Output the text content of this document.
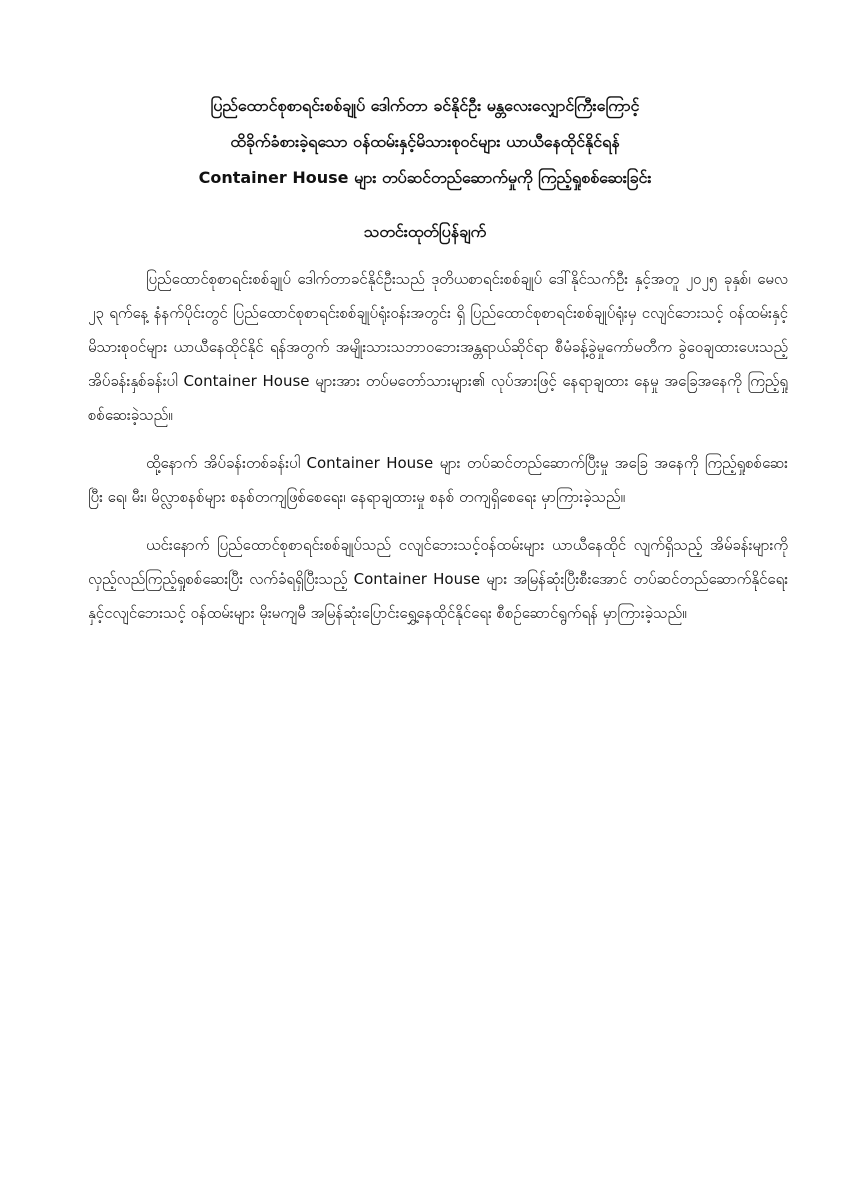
ပြည်ထောင်စုစာရင်းစစ်ချုပ် ဒေါက်တာ ခင်နိုင်ဦး မန္တလေးလျှောင်ကြီးကြောင့်

ထိခိုက်ခံစားခဲ့ရသော ဝန်ထမ်းနှင့်မိသားစုဝင်များ ယာယီနေထိုင်နိုင်ရန်

Container House များ တပ်ဆင်တည်ဆောက်မှုကို ကြည့်ရှုစစ်ဆေးခြင်း

သတင်းထုတ်ပြန်ချက်

ပြည်ထောင်စုစာရင်းစစ်ချုပ် ဒေါက်တာခင်နိုင်ဦးသည် ဒုတိယစာရင်းစစ်ချုပ် ဒေါ်နိုင်သက်ဦး နှင့်အတူ ၂၀၂၅ ခုနှစ်၊ မေလ ၂၃ ရက်နေ့ နံနက်ပိုင်းတွင် ပြည်ထောင်စုစာရင်းစစ်ချုပ်ရုံးဝန်းအတွင်း ရှိ ပြည်ထောင်စုစာရင်းစစ်ချုပ်ရုံးမှ ငလျင်ဘေးသင့် ဝန်ထမ်းနှင့်မိသားစုဝင်များ ယာယီနေထိုင်နိုင် ရန်အတွက် အမျိုးသားသဘာဝဘေးအန္တရာယ်ဆိုင်ရာ စီမံခန့်ခွဲမှုကော်မတီက ခွဲဝေချထားပေးသည့် အိပ်ခန်းနှစ်ခန်းပါ Container House များအား တပ်မတော်သားများ၏ လုပ်အားဖြင့် နေရာချထား နေမှု အခြေအနေကို ကြည့်ရှုစစ်ဆေးခဲ့သည်။

ထို့နောက် အိပ်ခန်းတစ်ခန်းပါ Container House များ တပ်ဆင်တည်ဆောက်ပြီးမှု အခြေ အနေကို ကြည့်ရှုစစ်ဆေးပြီး ရေ၊ မီး၊ မိလ္လာစနစ်များ စနစ်တကျဖြစ်စေရေး၊ နေရာချထားမှု စနစ် တကျရှိစေရေး မှာကြားခဲ့သည်။

ယင်းနောက် ပြည်ထောင်စုစာရင်းစစ်ချုပ်သည် ငလျင်ဘေးသင့်ဝန်ထမ်းများ ယာယီနေထိုင် လျက်ရှိသည့် အိမ်ခန်းများကို လှည့်လည်ကြည့်ရှုစစ်ဆေးပြီး လက်ခံရရှိပြီးသည့် Container House များ အမြန်ဆုံးပြီးစီးအောင် တပ်ဆင်တည်ဆောက်နိုင်ရေးနှင့်ငလျင်ဘေးသင့် ဝန်ထမ်းများ မိုးမကျမီ အမြန်ဆုံးပြောင်းရွှေ့နေထိုင်နိုင်ရေး စီစဉ်ဆောင်ရွက်ရန် မှာကြားခဲ့သည်။
